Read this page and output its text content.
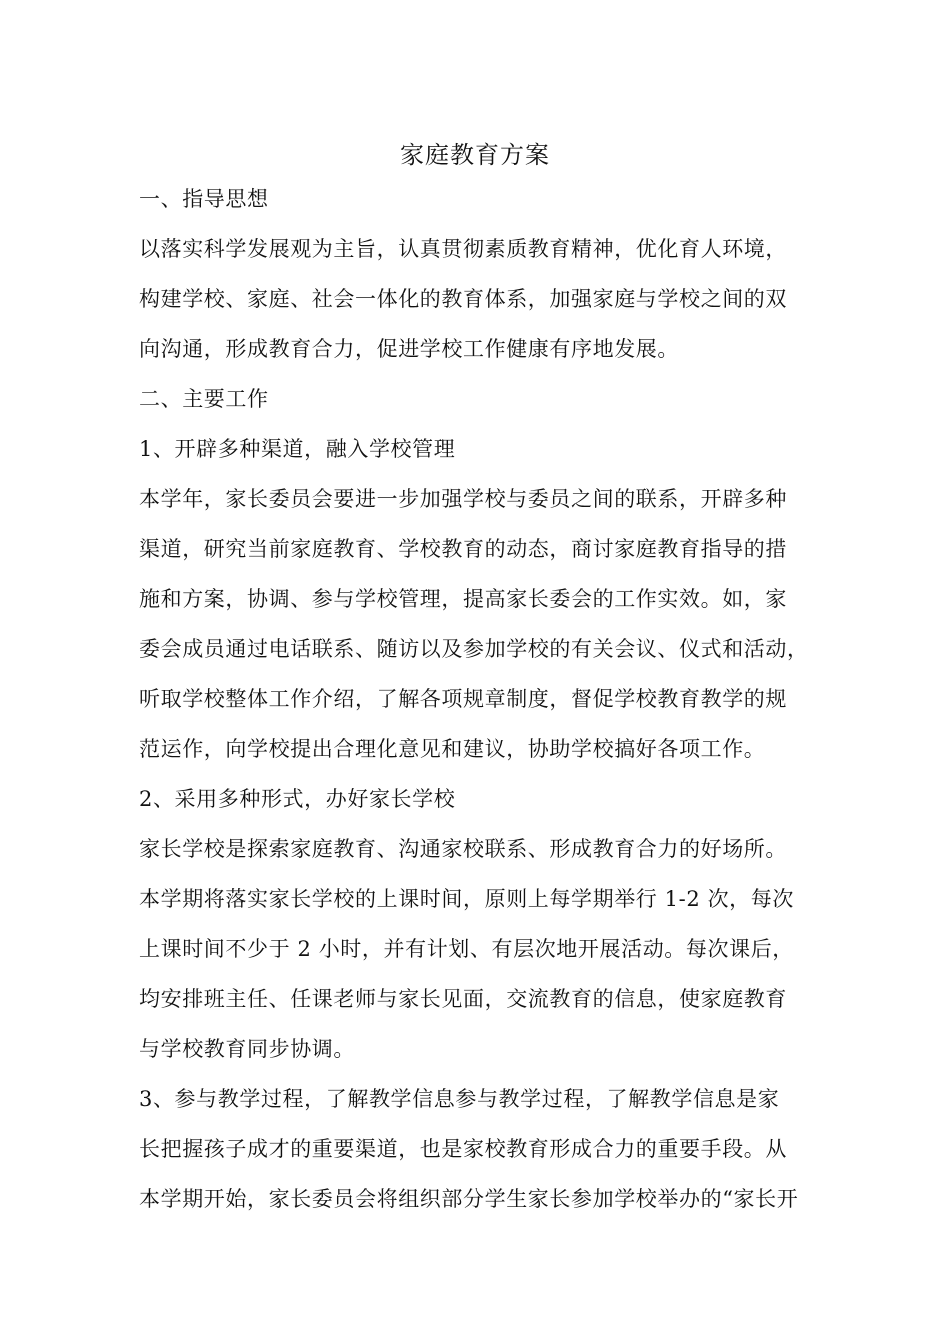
家庭教育方案
一、指导思想
以落实科学发展观为主旨，认真贯彻素质教育精神，优化育人环境，
构建学校、家庭、社会一体化的教育体系，加强家庭与学校之间的双
向沟通，形成教育合力，促进学校工作健康有序地发展。
二、主要工作
1、开辟多种渠道，融入学校管理
本学年，家长委员会要进一步加强学校与委员之间的联系，开辟多种
渠道，研究当前家庭教育、学校教育的动态，商讨家庭教育指导的措
施和方案，协调、参与学校管理，提高家长委会的工作实效。如，家
委会成员通过电话联系、随访以及参加学校的有关会议、仪式和活动，
听取学校整体工作介绍，了解各项规章制度，督促学校教育教学的规
范运作，向学校提出合理化意见和建议，协助学校搞好各项工作。
2、采用多种形式，办好家长学校
家长学校是探索家庭教育、沟通家校联系、形成教育合力的好场所。
本学期将落实家长学校的上课时间，原则上每学期举行 1-2 次，每次
上课时间不少于 2 小时，并有计划、有层次地开展活动。每次课后，
均安排班主任、任课老师与家长见面，交流教育的信息，使家庭教育
与学校教育同步协调。
3、参与教学过程，了解教学信息参与教学过程，了解教学信息是家
长把握孩子成才的重要渠道，也是家校教育形成合力的重要手段。从
本学期开始，家长委员会将组织部分学生家长参加学校举办的“家长开
